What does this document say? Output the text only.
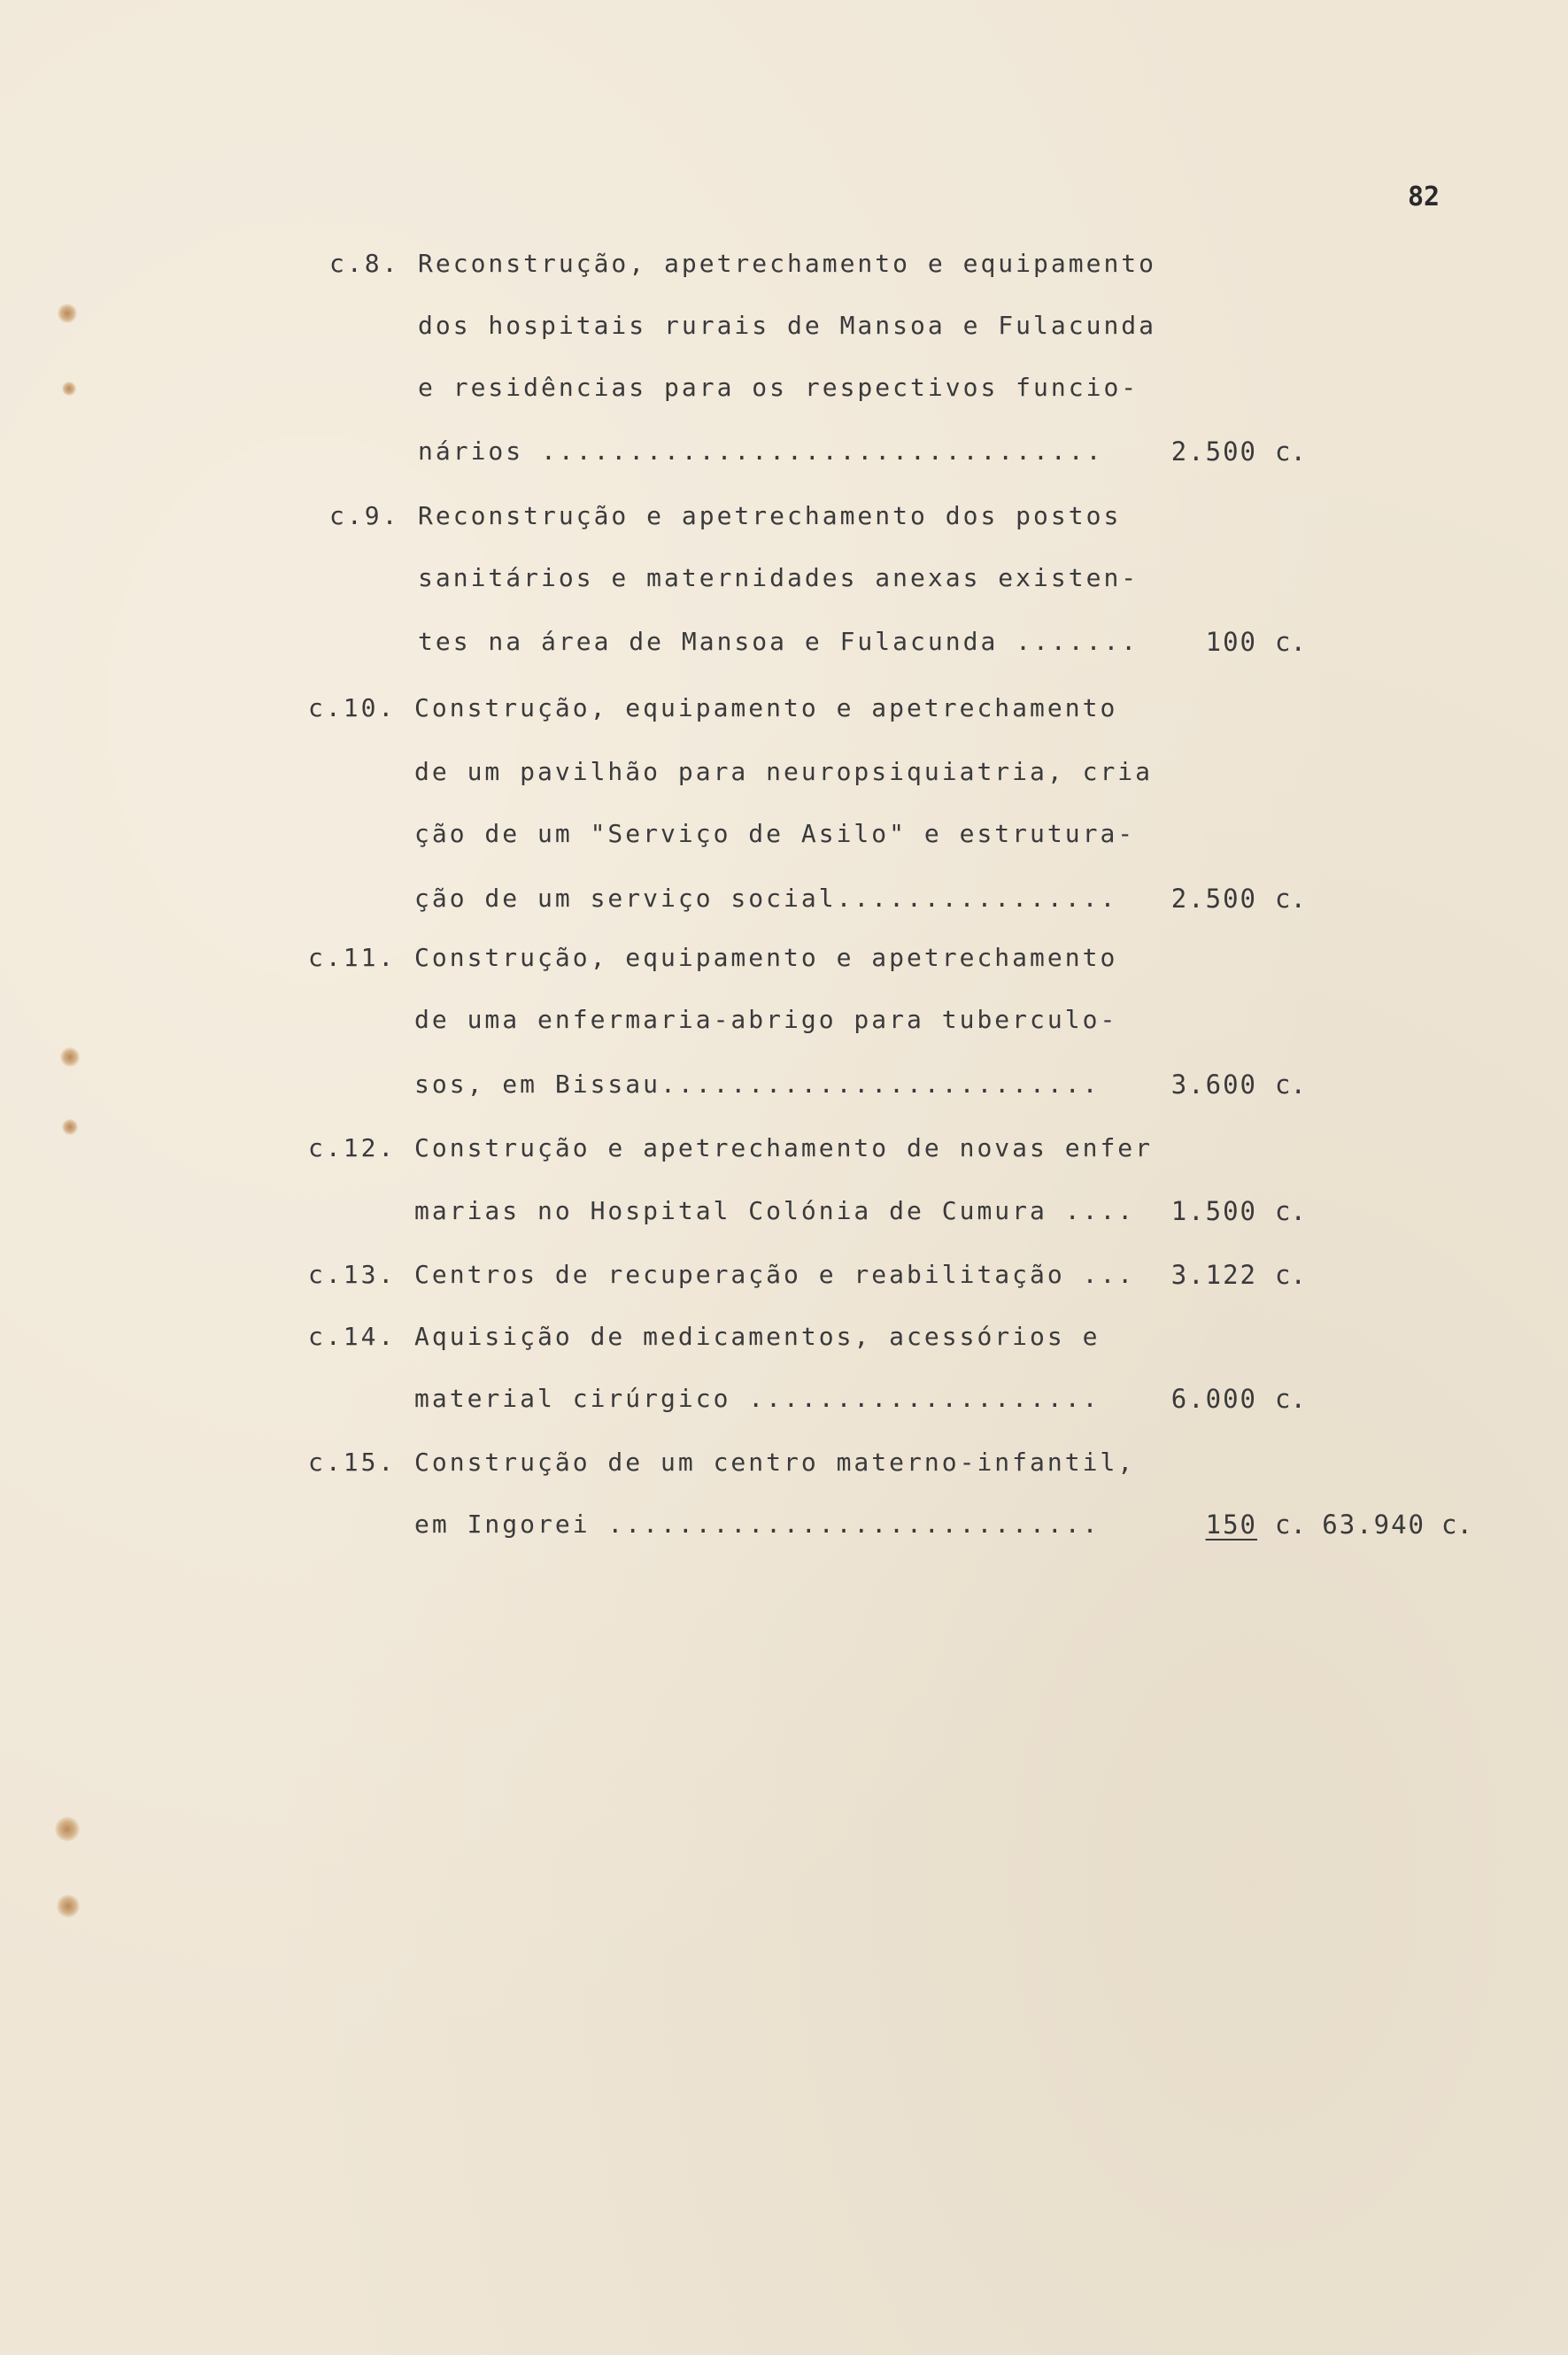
82
c.8. Reconstrução, apetrechamento e equipamento
dos hospitais rurais de Mansoa e Fulacunda
e residências para os respectivos funcio-
nários ................................	2.500 c.
c.9. Reconstrução e apetrechamento dos postos
sanitários e maternidades anexas existen-
tes na área de Mansoa e Fulacunda .......	100 c.
c.10. Construção, equipamento e apetrechamento
de um pavilhão para neuropsiquiatria, cria
ção de um "Serviço de Asilo" e estrutura-
ção de um serviço social................	2.500 c.
c.11. Construção, equipamento e apetrechamento
de uma enfermaria-abrigo para tuberculo-
sos, em Bissau.........................	3.600 c.
c.12. Construção e apetrechamento de novas enfer
marias no Hospital Colónia de Cumura ....	1.500 c.
c.13. Centros de recuperação e reabilitação ...	3.122 c.
c.14. Aquisição de medicamentos, acessórios e
material cirúrgico ....................	6.000 c.
c.15. Construção de um centro materno-infantil,
em Ingorei ............................	150 c. 63.940 c.
